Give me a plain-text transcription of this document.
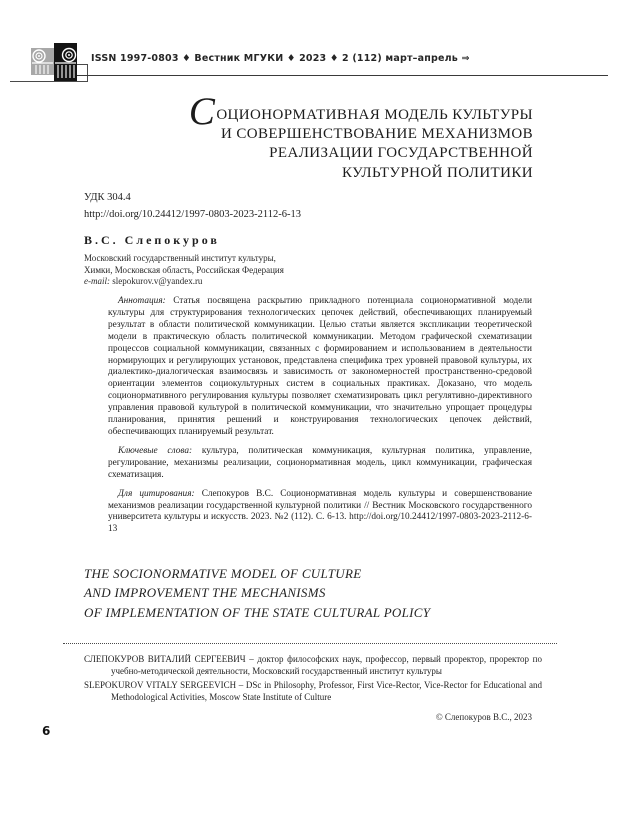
ISSN 1997-0803 ♦ Вестник МГУКИ ♦ 2023 ♦ 2 (112) март–апрель ⇒
СОЦИОНОРМАТИВНАЯ МОДЕЛЬ КУЛЬТУРЫ
И СОВЕРШЕНСТВОВАНИЕ МЕХАНИЗМОВ
РЕАЛИЗАЦИИ ГОСУДАРСТВЕННОЙ
КУЛЬТУРНОЙ ПОЛИТИКИ
УДК 304.4
http://doi.org/10.24412/1997-0803-2023-2112-6-13
В.С. Слепокуров
Московский государственный институт культуры,
Химки, Московская область, Российская Федерация
e-mail: slepokurov.v@yandex.ru

Аннотация: Статья посвящена раскрытию прикладного потенциала соционормативной модели культуры для структурирования технологических цепочек действий, обеспечивающих планируемый результат в области политической коммуникации. Целью статьи является экспликации теоретической модели в практическую область политической коммуникации. Методом графической схематизации процессов социальной коммуникации, связанных с формированием и использованием в деятельности нормирующих и регулирующих установок, представлена специфика трех уровней правовой культуры, их диалектико-диалогическая взаимосвязь и зависимость от закономерностей пространственно-средовой ориентации элементов социокультурных систем в социальных практиках. Доказано, что модель соционормативного регулирования культуры позволяет схематизировать цикл регулятивно-директивного управления правовой культурой в политической коммуникации, что значительно упрощает процедуры планирования, принятия решений и конструирования технологических цепочек действий, обеспечивающих планируемый результат.

Ключевые слова: культура, политическая коммуникация, культурная политика, управление, регулирование, механизмы реализации, соционормативная модель, цикл коммуникации, графическая схематизация.

Для цитирования: Слепокуров В.С. Соционормативная модель культуры и совершенствование механизмов реализации государственной культурной политики // Вестник Московского государственного университета культуры и искусств. 2023. №2 (112). С. 6-13. http://doi.org/10.24412/1997-0803-2023-2112-6-13

THE SOCIONORMATIVE MODEL OF CULTURE
AND IMPROVEMENT THE MECHANISMS
OF IMPLEMENTATION OF THE STATE CULTURAL POLICY

СЛЕПОКУРОВ ВИТАЛИЙ СЕРГЕЕВИЧ – доктор философских наук, профессор, первый проректор, проректор по учебно-методической деятельности, Московский государственный институт культуры

SLEPOKUROV VITALY SERGEEVICH – DSc in Philosophy, Professor, First Vice-Rector, Vice-Rector for Educational and Methodological Activities, Moscow State Institute of Culture

© Слепокуров В.С., 2023
6
